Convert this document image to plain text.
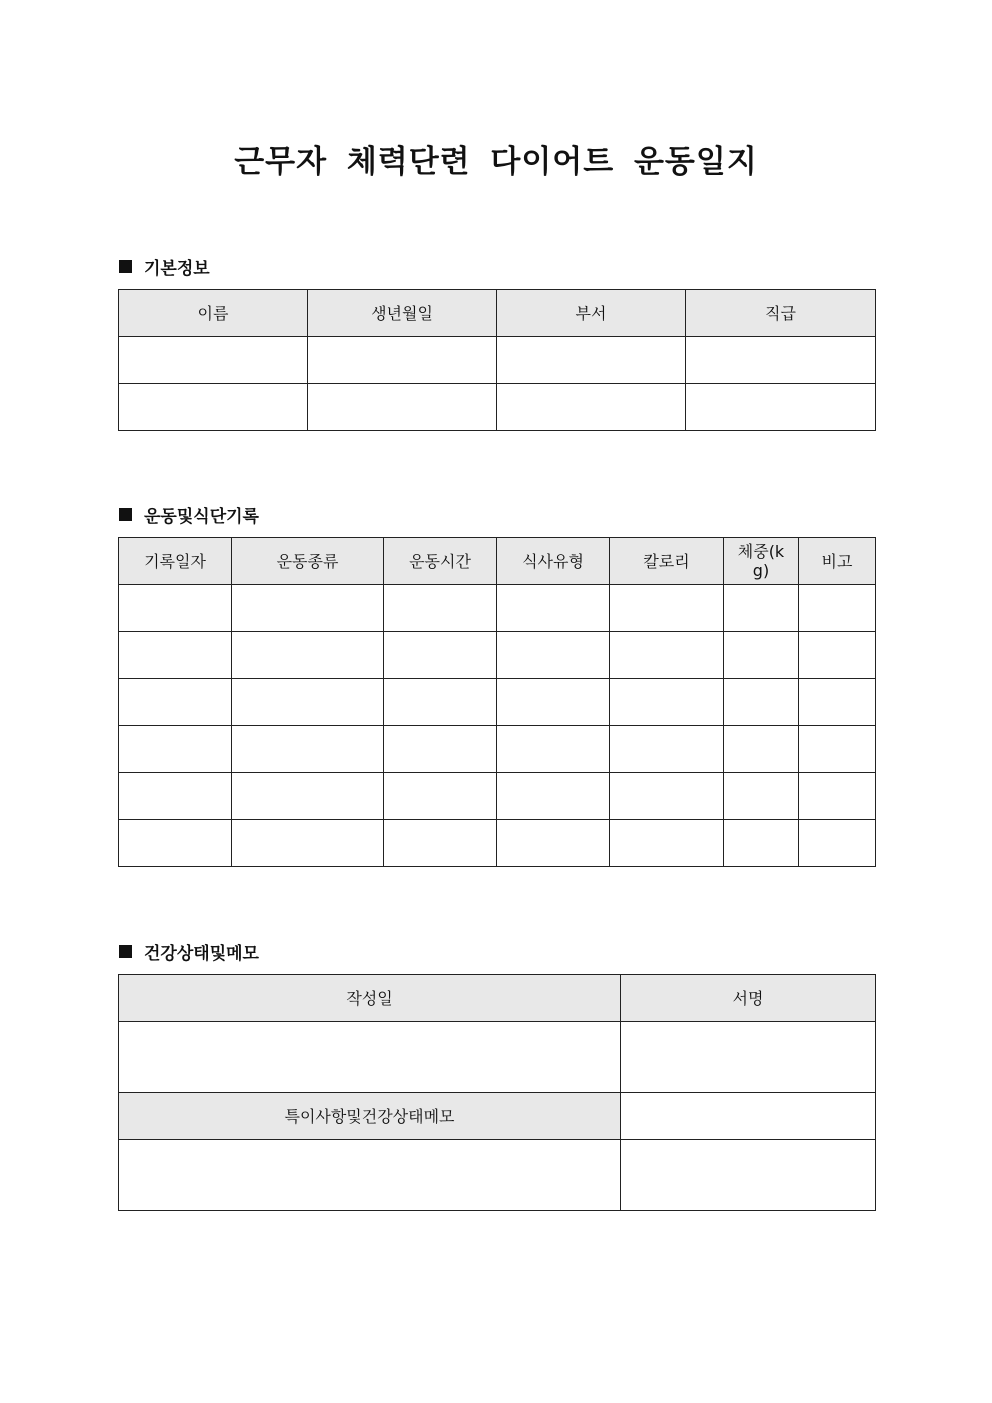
근무자 체력단련 다이어트 운동일지
기본정보
이름	생년월일	부서	직급

운동및식단기록
기록일자	운동종류	운동시간	식사유형	칼로리	체중(kg)	비고

건강상태및메모
작성일	서명

특이사항및건강상태메모	
